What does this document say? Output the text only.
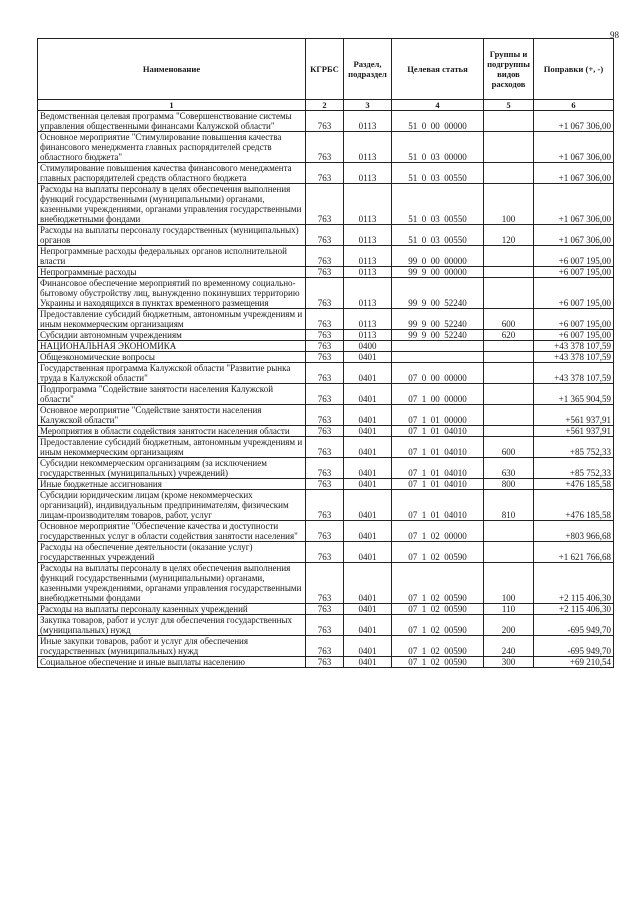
98
Наименование	КГРБС	Раздел, подраздел	Целевая статья	Группы и подгруппы видов расходов	Поправки (+, -)
1	2	3	4	5	6
Ведомственная целевая программа "Совершенствование системы управления общественными финансами Калужской области"	763	0113	51  0  00  00000		+1 067 306,00
Основное мероприятие "Стимулирование повышения качества финансового менеджмента главных распорядителей средств областного бюджета"	763	0113	51  0  03  00000		+1 067 306,00
Стимулирование повышения качества финансового менеджмента главных распорядителей средств областного бюджета	763	0113	51  0  03  00550		+1 067 306,00
Расходы на выплаты персоналу в целях обеспечения выполнения функций государственными (муниципальными) органами, казенными учреждениями, органами управления государственными внебюджетными фондами	763	0113	51  0  03  00550	100	+1 067 306,00
Расходы на выплаты персоналу государственных (муниципальных) органов	763	0113	51  0  03  00550	120	+1 067 306,00
Непрограммные расходы федеральных органов исполнительной власти	763	0113	99  0  00  00000		+6 007 195,00
Непрограммные расходы	763	0113	99  9  00  00000		+6 007 195,00
Финансовое обеспечение мероприятий по временному социально-бытовому обустройству лиц, вынужденно покинувших территорию Украины и находящихся в пунктах временного размещения	763	0113	99  9  00  52240		+6 007 195,00
Предоставление субсидий бюджетным, автономным учреждениям и иным некоммерческим организациям	763	0113	99  9  00  52240	600	+6 007 195,00
Субсидии автономным учреждениям	763	0113	99  9  00  52240	620	+6 007 195,00
НАЦИОНАЛЬНАЯ ЭКОНОМИКА	763	0400			+43 378 107,59
Общеэкономические вопросы	763	0401			+43 378 107,59
Государственная программа Калужской области "Развитие рынка труда в Калужской области"	763	0401	07  0  00  00000		+43 378 107,59
Подпрограмма "Содействие занятости населения Калужской области"	763	0401	07  1  00  00000		+1 365 904,59
Основное мероприятие "Содействие занятости населения Калужской области"	763	0401	07  1  01  00000		+561 937,91
Мероприятия в области содействия занятости населения области	763	0401	07  1  01  04010		+561 937,91
Предоставление субсидий бюджетным, автономным учреждениям и иным некоммерческим организациям	763	0401	07  1  01  04010	600	+85 752,33
Субсидии некоммерческим организациям (за исключением государственных (муниципальных) учреждений)	763	0401	07  1  01  04010	630	+85 752,33
Иные бюджетные ассигнования	763	0401	07  1  01  04010	800	+476 185,58
Субсидии юридическим лицам (кроме некоммерческих организаций), индивидуальным предпринимателям, физическим лицам-производителям товаров, работ, услуг	763	0401	07  1  01  04010	810	+476 185,58
Основное мероприятие "Обеспечение качества и доступности государственных услуг в области содействия занятости населения"	763	0401	07  1  02  00000		+803 966,68
Расходы на обеспечение деятельности (оказание услуг) государственных учреждений	763	0401	07  1  02  00590		+1 621 766,68
Расходы на выплаты персоналу в целях обеспечения выполнения функций государственными (муниципальными) органами, казенными учреждениями, органами управления государственными внебюджетными фондами	763	0401	07  1  02  00590	100	+2 115 406,30
Расходы на выплаты персоналу казенных учреждений	763	0401	07  1  02  00590	110	+2 115 406,30
Закупка товаров, работ и услуг для обеспечения государственных (муниципальных) нужд	763	0401	07  1  02  00590	200	-695 949,70
Иные закупки товаров, работ и услуг для обеспечения государственных (муниципальных) нужд	763	0401	07  1  02  00590	240	-695 949,70
Социальное обеспечение и иные выплаты населению	763	0401	07  1  02  00590	300	+69 210,54
